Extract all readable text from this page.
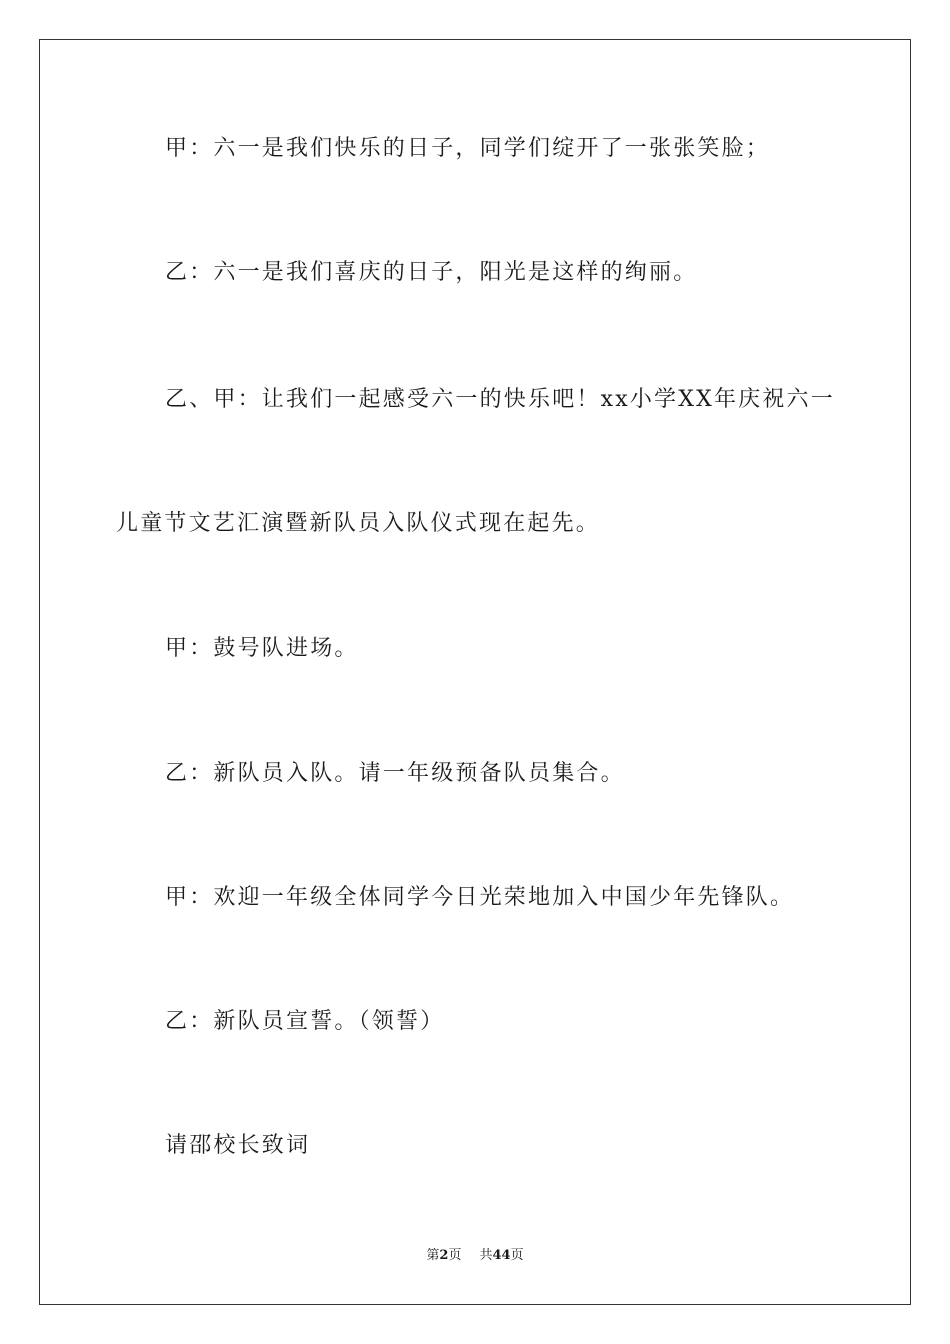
甲：六一是我们快乐的日子，同学们绽开了一张张笑脸；

乙：六一是我们喜庆的日子，阳光是这样的绚丽。

乙、甲：让我们一起感受六一的快乐吧！xx小学XX年庆祝六一

儿童节文艺汇演暨新队员入队仪式现在起先。

甲：鼓号队进场。

乙：新队员入队。请一年级预备队员集合。

甲：欢迎一年级全体同学今日光荣地加入中国少年先锋队。

乙：新队员宣誓。（领誓）

请邵校长致词

第2页 共44页
